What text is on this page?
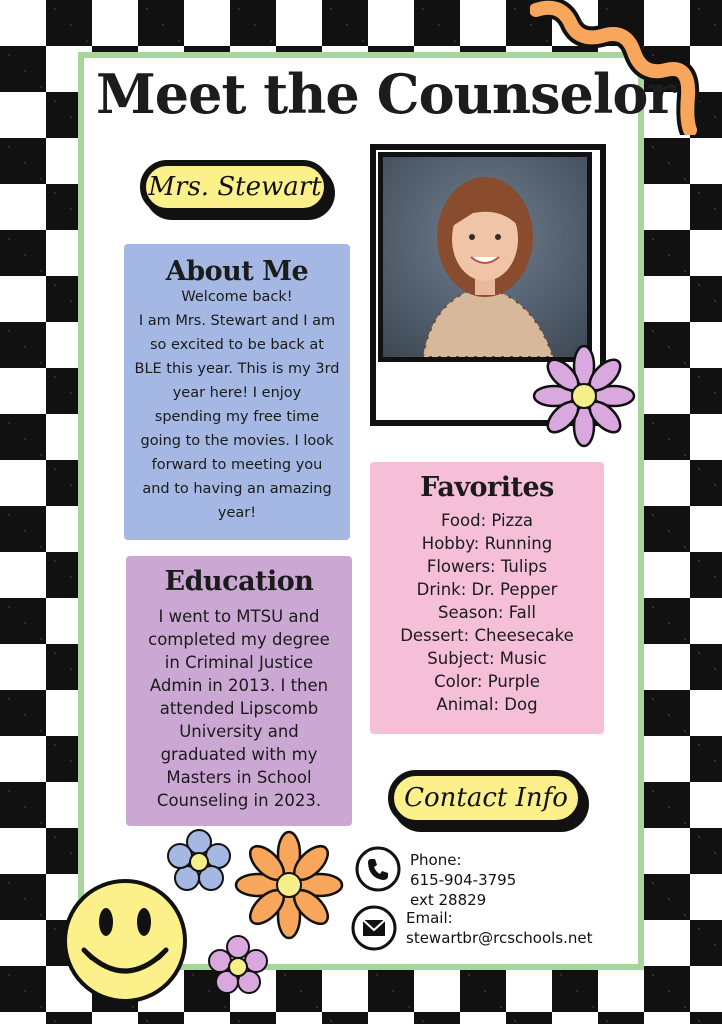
Meet the Counselor
Mrs. Stewart
About Me
Welcome back!
I am Mrs. Stewart and I am
so excited to be back at
BLE this year. This is my 3rd
year here! I enjoy
spending my free time
going to the movies. I look
forward to meeting you
and to having an amazing
year!
Favorites
Food: Pizza
Hobby: Running
Flowers: Tulips
Drink: Dr. Pepper
Season: Fall
Dessert: Cheesecake
Subject: Music
Color: Purple
Animal: Dog
Education

I went to MTSU and completed my degree in Criminal Justice Admin in 2013. I then attended Lipscomb University and graduated with my Masters in School Counseling in 2023.	Contact Info
Phone:
615-904-3795
ext 28829
Email:
stewartbr@rcschools.net
